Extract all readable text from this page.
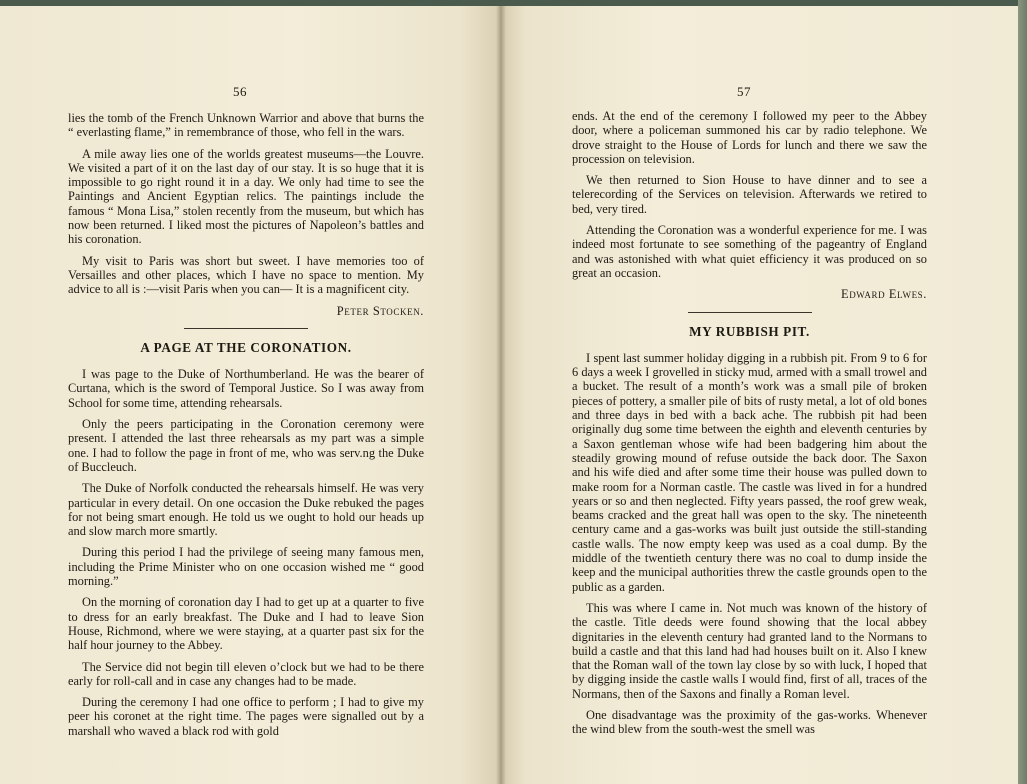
56

lies the tomb of the French Unknown Warrior and above that burns the “ everlasting flame,” in remembrance of those, who fell in the wars.

A mile away lies one of the worlds greatest museums—the Louvre. We visited a part of it on the last day of our stay. It is so huge that it is impossible to go right round it in a day. We only had time to see the Paintings and Ancient Egyptian relics. The paintings include the famous “ Mona Lisa,” stolen recently from the museum, but which has now been returned. I liked most the pictures of Napoleon’s battles and his coronation.

My visit to Paris was short but sweet. I have memories too of Versailles and other places, which I have no space to mention. My advice to all is :—visit Paris when you can— It is a magnificent city.

Peter Stocken.
A PAGE AT THE CORONATION.

I was page to the Duke of Northumberland. He was the bearer of Curtana, which is the sword of Temporal Justice. So I was away from School for some time, attending rehearsals.

Only the peers participating in the Coronation ceremony were present. I attended the last three rehearsals as my part was a simple one. I had to follow the page in front of me, who was serv.ng the Duke of Buccleuch.

The Duke of Norfolk conducted the rehearsals himself. He was very particular in every detail. On one occasion the Duke rebuked the pages for not being smart enough. He told us we ought to hold our heads up and slow march more smartly.

During this period I had the privilege of seeing many famous men, including the Prime Minister who on one occasion wished me “ good morning.”

On the morning of coronation day I had to get up at a quarter to five to dress for an early breakfast. The Duke and I had to leave Sion House, Richmond, where we were staying, at a quarter past six for the half hour journey to the Abbey.

The Service did not begin till eleven o’clock but we had to be there early for roll-call and in case any changes had to be made.

During the ceremony I had one office to perform ; I had to give my peer his coronet at the right time. The pages were signalled out by a marshall who waved a black rod with gold

57

ends. At the end of the ceremony I followed my peer to the Abbey door, where a policeman summoned his car by radio telephone. We drove straight to the House of Lords for lunch and there we saw the procession on television.

We then returned to Sion House to have dinner and to see a telerecording of the Services on television. Afterwards we retired to bed, very tired.

Attending the Coronation was a wonderful experience for me. I was indeed most fortunate to see something of the pageantry of England and was astonished with what quiet efficiency it was produced on so great an occasion.

Edward Elwes.
MY RUBBISH PIT.

I spent last summer holiday digging in a rubbish pit. From 9 to 6 for 6 days a week I grovelled in sticky mud, armed with a small trowel and a bucket. The result of a month’s work was a small pile of broken pieces of pottery, a smaller pile of bits of rusty metal, a lot of old bones and three days in bed with a back ache. The rubbish pit had been originally dug some time between the eighth and eleventh centuries by a Saxon gentleman whose wife had been badgering him about the steadily growing mound of refuse outside the back door. The Saxon and his wife died and after some time their house was pulled down to make room for a Norman castle. The castle was lived in for a hundred years or so and then neglected. Fifty years passed, the roof grew weak, beams cracked and the great hall was open to the sky. The nineteenth century came and a gas-works was built just outside the still-standing castle walls. The now empty keep was used as a coal dump. By the middle of the twentieth century there was no coal to dump inside the keep and the municipal authorities threw the castle grounds open to the public as a garden.

This was where I came in. Not much was known of the history of the castle. Title deeds were found showing that the local abbey dignitaries in the eleventh century had granted land to the Normans to build a castle and that this land had had houses built on it. Also I knew that the Roman wall of the town lay close by so with luck, I hoped that by digging inside the castle walls I would find, first of all, traces of the Normans, then of the Saxons and finally a Roman level.

One disadvantage was the proximity of the gas-works. Whenever the wind blew from the south-west the smell was
